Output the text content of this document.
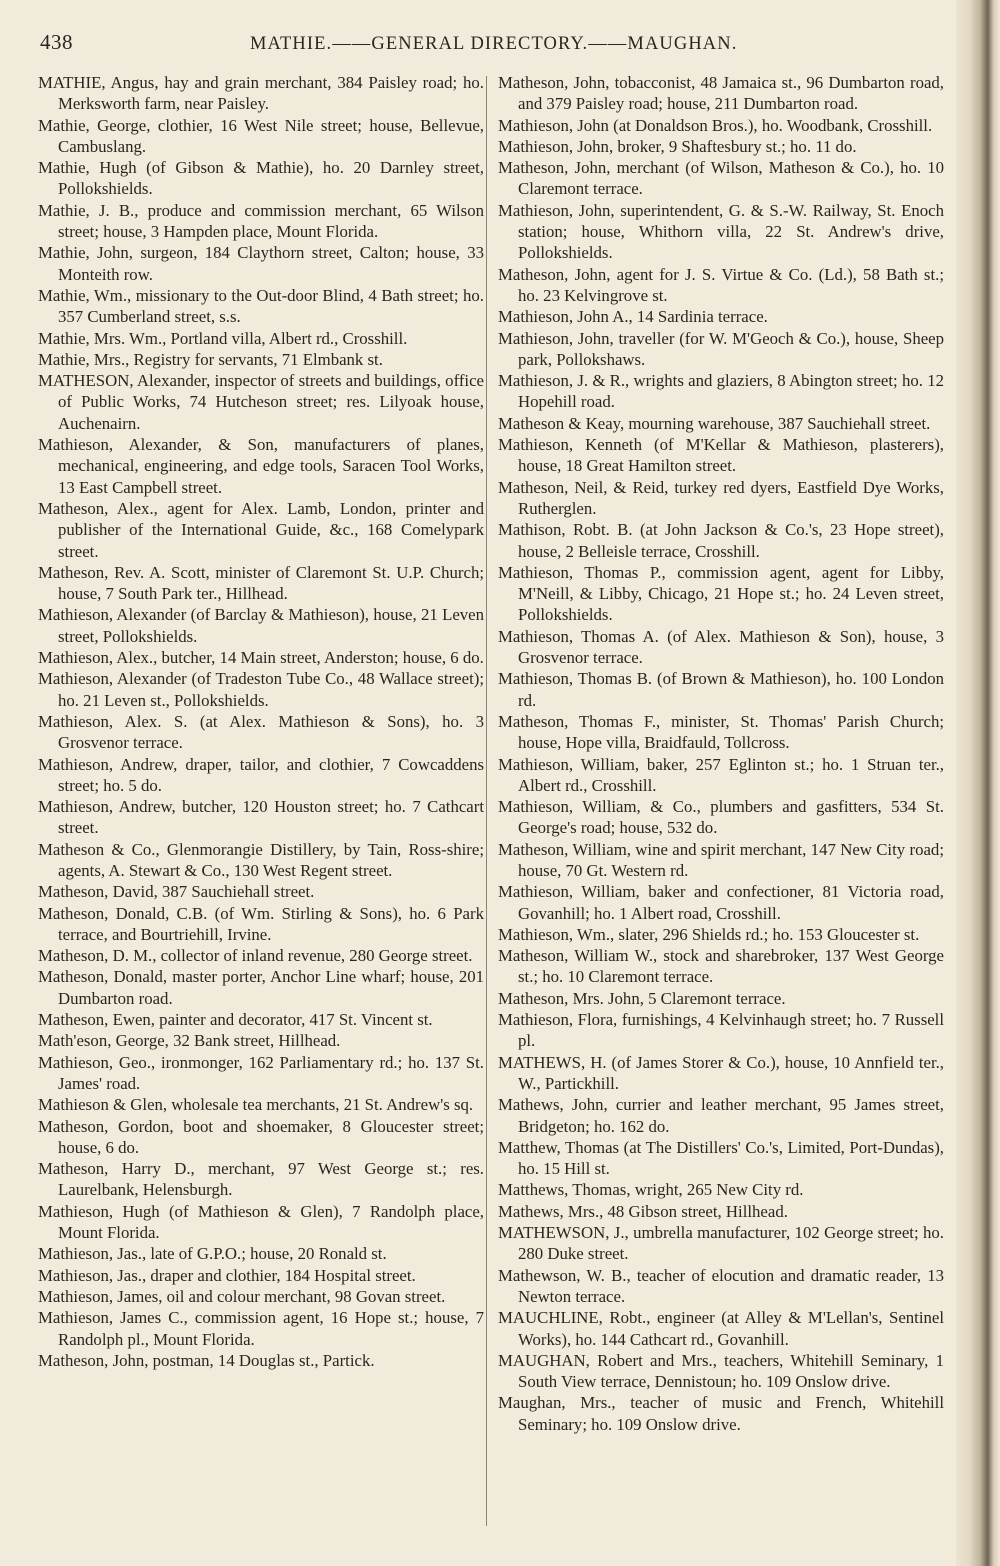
438	MATHIE.——GENERAL DIRECTORY.——MAUGHAN.
MATHIE, Angus, hay and grain merchant, 384 Paisley road; ho. Merksworth farm, near Paisley.
Mathie, George, clothier, 16 West Nile street; house, Bellevue, Cambuslang.
Mathie, Hugh (of Gibson & Mathie), ho. 20 Darnley street, Pollokshields.
Mathie, J. B., produce and commission merchant, 65 Wilson street; house, 3 Hampden place, Mount Florida.
Mathie, John, surgeon, 184 Claythorn street, Calton; house, 33 Monteith row.
Mathie, Wm., missionary to the Out-door Blind, 4 Bath street; ho. 357 Cumberland street, s.s.
Mathie, Mrs. Wm., Portland villa, Albert rd., Crosshill.
Mathie, Mrs., Registry for servants, 71 Elmbank st.
MATHESON, Alexander, inspector of streets and buildings, office of Public Works, 74 Hutcheson street; res. Lilyoak house, Auchenairn.
Mathieson, Alexander, & Son, manufacturers of planes, mechanical, engineering, and edge tools, Saracen Tool Works, 13 East Campbell street.
Matheson, Alex., agent for Alex. Lamb, London, printer and publisher of the International Guide, &c., 168 Comelypark street.
Matheson, Rev. A. Scott, minister of Claremont St. U.P. Church; house, 7 South Park ter., Hillhead.
Mathieson, Alexander (of Barclay & Mathieson), house, 21 Leven street, Pollokshields.
Mathieson, Alex., butcher, 14 Main street, Anderston; house, 6 do.
Mathieson, Alexander (of Tradeston Tube Co., 48 Wallace street); ho. 21 Leven st., Pollokshields.
Mathieson, Alex. S. (at Alex. Mathieson & Sons), ho. 3 Grosvenor terrace.
Mathieson, Andrew, draper, tailor, and clothier, 7 Cowcaddens street; ho. 5 do.
Mathieson, Andrew, butcher, 120 Houston street; ho. 7 Cathcart street.
Matheson & Co., Glenmorangie Distillery, by Tain, Ross-shire; agents, A. Stewart & Co., 130 West Regent street.
Matheson, David, 387 Sauchiehall street.
Matheson, Donald, C.B. (of Wm. Stirling & Sons), ho. 6 Park terrace, and Bourtriehill, Irvine.
Matheson, D. M., collector of inland revenue, 280 George street.
Matheson, Donald, master porter, Anchor Line wharf; house, 201 Dumbarton road.
Matheson, Ewen, painter and decorator, 417 St. Vincent st.
Math'eson, George, 32 Bank street, Hillhead.
Mathieson, Geo., ironmonger, 162 Parliamentary rd.; ho. 137 St. James' road.
Mathieson & Glen, wholesale tea merchants, 21 St. Andrew's sq.
Matheson, Gordon, boot and shoemaker, 8 Gloucester street; house, 6 do.
Matheson, Harry D., merchant, 97 West George st.; res. Laurelbank, Helensburgh.
Mathieson, Hugh (of Mathieson & Glen), 7 Randolph place, Mount Florida.
Mathieson, Jas., late of G.P.O.; house, 20 Ronald st.
Mathieson, Jas., draper and clothier, 184 Hospital street.
Mathieson, James, oil and colour merchant, 98 Govan street.
Mathieson, James C., commission agent, 16 Hope st.; house, 7 Randolph pl., Mount Florida.
Matheson, John, postman, 14 Douglas st., Partick.
Matheson, John, tobacconist, 48 Jamaica st., 96 Dumbarton road, and 379 Paisley road; house, 211 Dumbarton road.
Mathieson, John (at Donaldson Bros.), ho. Woodbank, Crosshill.
Mathieson, John, broker, 9 Shaftesbury st.; ho. 11 do.
Matheson, John, merchant (of Wilson, Matheson & Co.), ho. 10 Claremont terrace.
Mathieson, John, superintendent, G. & S.-W. Railway, St. Enoch station; house, Whithorn villa, 22 St. Andrew's drive, Pollokshields.
Matheson, John, agent for J. S. Virtue & Co. (Ld.), 58 Bath st.; ho. 23 Kelvingrove st.
Mathieson, John A., 14 Sardinia terrace.
Mathieson, John, traveller (for W. M'Geoch & Co.), house, Sheep park, Pollokshaws.
Mathieson, J. & R., wrights and glaziers, 8 Abington street; ho. 12 Hopehill road.
Matheson & Keay, mourning warehouse, 387 Sauchiehall street.
Mathieson, Kenneth (of M'Kellar & Mathieson, plasterers), house, 18 Great Hamilton street.
Matheson, Neil, & Reid, turkey red dyers, Eastfield Dye Works, Rutherglen.
Mathison, Robt. B. (at John Jackson & Co.'s, 23 Hope street), house, 2 Belleisle terrace, Crosshill.
Mathieson, Thomas P., commission agent, agent for Libby, M'Neill, & Libby, Chicago, 21 Hope st.; ho. 24 Leven street, Pollokshields.
Mathieson, Thomas A. (of Alex. Mathieson & Son), house, 3 Grosvenor terrace.
Mathieson, Thomas B. (of Brown & Mathieson), ho. 100 London rd.
Matheson, Thomas F., minister, St. Thomas' Parish Church; house, Hope villa, Braidfauld, Tollcross.
Mathieson, William, baker, 257 Eglinton st.; ho. 1 Struan ter., Albert rd., Crosshill.
Mathieson, William, & Co., plumbers and gasfitters, 534 St. George's road; house, 532 do.
Matheson, William, wine and spirit merchant, 147 New City road; house, 70 Gt. Western rd.
Mathieson, William, baker and confectioner, 81 Victoria road, Govanhill; ho. 1 Albert road, Crosshill.
Mathieson, Wm., slater, 296 Shields rd.; ho. 153 Gloucester st.
Matheson, William W., stock and sharebroker, 137 West George st.; ho. 10 Claremont terrace.
Matheson, Mrs. John, 5 Claremont terrace.
Mathieson, Flora, furnishings, 4 Kelvinhaugh street; ho. 7 Russell pl.
MATHEWS, H. (of James Storer & Co.), house, 10 Annfield ter., W., Partickhill.
Mathews, John, currier and leather merchant, 95 James street, Bridgeton; ho. 162 do.
Matthew, Thomas (at The Distillers' Co.'s, Limited, Port-Dundas), ho. 15 Hill st.
Matthews, Thomas, wright, 265 New City rd.
Mathews, Mrs., 48 Gibson street, Hillhead.
MATHEWSON, J., umbrella manufacturer, 102 George street; ho. 280 Duke street.
Mathewson, W. B., teacher of elocution and dramatic reader, 13 Newton terrace.
MAUCHLINE, Robt., engineer (at Alley & M'Lellan's, Sentinel Works), ho. 144 Cathcart rd., Govanhill.
MAUGHAN, Robert and Mrs., teachers, Whitehill Seminary, 1 South View terrace, Dennistoun; ho. 109 Onslow drive.
Maughan, Mrs., teacher of music and French, Whitehill Seminary; ho. 109 Onslow drive.
